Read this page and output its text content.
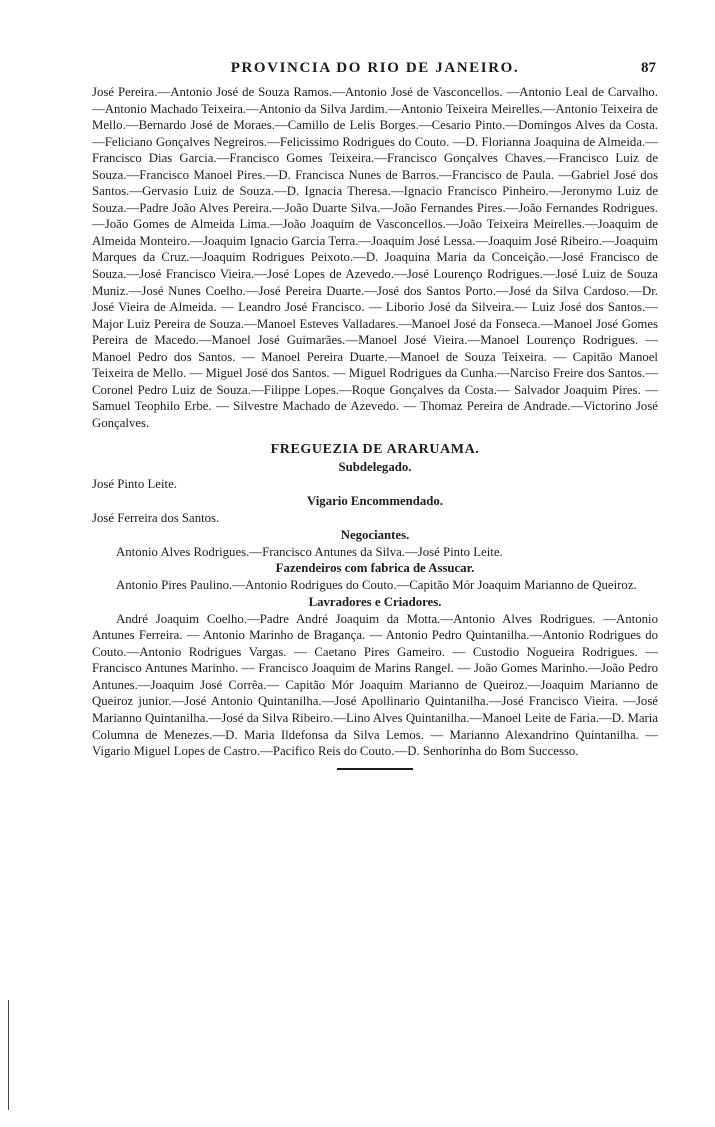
PROVINCIA DO RIO DE JANEIRO.	87

José Pereira.—Antonio José de Souza Ramos.—Antonio José de Vasconcellos. —Antonio Leal de Carvalho.—Antonio Machado Teixeira.—Antonio da Silva Jardim.—Antonio Teixeira Meirelles.—Antonio Teixeira de Mello.—Bernardo José de Moraes.—Camillo de Lelis Borges.—Cesario Pinto.—Domingos Alves da Costa.—Feliciano Gonçalves Negreiros.—Felicissimo Rodrigues do Couto. —D. Florianna Joaquina de Almeida.—Francisco Dias Garcia.—Francisco Gomes Teixeira.—Francisco Gonçalves Chaves.—Francisco Luiz de Souza.—Francisco Manoel Pires.—D. Francisca Nunes de Barros.—Francisco de Paula. —Gabriel José dos Santos.—Gervasio Luiz de Souza.—D. Ignacia Theresa.—Ignacio Francisco Pinheiro.—Jeronymo Luiz de Souza.—Padre João Alves Pereira.—João Duarte Silva.—João Fernandes Pires.—João Fernandes Rodrigues.—João Gomes de Almeida Lima.—João Joaquim de Vasconcellos.—João Teixeira Meirelles.—Joaquim de Almeida Monteiro.—Joaquim Ignacio Garcia Terra.—Joaquim José Lessa.—Joaquim José Ribeiro.—Joaquim Marques da Cruz.—Joaquim Rodrigues Peixoto.—D. Joaquina Maria da Conceição.—José Francisco de Souza.—José Francisco Vieira.—José Lopes de Azevedo.—José Lourenço Rodrigues.—José Luiz de Souza Muniz.—José Nunes Coelho.—José Pereira Duarte.—José dos Santos Porto.—José da Silva Cardoso.—Dr. José Vieira de Almeida. — Leandro José Francisco. — Liborio José da Silveira.— Luiz José dos Santos.—Major Luiz Pereira de Souza.—Manoel Esteves Valladares.—Manoel José da Fonseca.—Manoel José Gomes Pereira de Macedo.—Manoel José Guimarães.—Manoel José Vieira.—Manoel Lourenço Rodrigues. —Manoel Pedro dos Santos. — Manoel Pereira Duarte.—Manoel de Souza Teixeira. — Capitão Manoel Teixeira de Mello. — Miguel José dos Santos. — Miguel Rodrigues da Cunha.—Narciso Freire dos Santos.—Coronel Pedro Luiz de Souza.—Filippe Lopes.—Roque Gonçalves da Costa.— Salvador Joaquim Pires. — Samuel Teophilo Erbe. — Silvestre Machado de Azevedo. — Thomaz Pereira de Andrade.—Victorino José Gonçalves.

FREGUEZIA DE ARARUAMA.
Subdelegado.

José Pinto Leite.

Vigario Encommendado.

José Ferreira dos Santos.

Negociantes.

Antonio Alves Rodrigues.—Francisco Antunes da Silva.—José Pinto Leite.

Fazendeiros com fabrica de Assucar.

Antonio Pires Paulino.—Antonio Rodrigues do Couto.—Capitão Mór Joaquim Marianno de Queiroz.

Lavradores e Criadores.

André Joaquim Coelho.—Padre André Joaquim da Motta.—Antonio Alves Rodrigues. —Antonio Antunes Ferreira. — Antonio Marinho de Bragança. — Antonio Pedro Quintanilha.—Antonio Rodrigues do Couto.—Antonio Rodrigues Vargas. — Caetano Pires Gameiro. — Custodio Nogueira Rodrigues. — Francisco Antunes Marinho. — Francisco Joaquim de Marins Rangel. — João Gomes Marinho.—João Pedro Antunes.—Joaquim José Corrêa.— Capitão Mór Joaquim Marianno de Queiroz.—Joaquim Marianno de Queiroz junior.—José Antonio Quintanilha.—José Apollinario Quintanilha.—José Francisco Vieira. —José Marianno Quintanilha.—José da Silva Ribeiro.—Lino Alves Quintanilha.—Manoel Leite de Faria.—D. Maria Columna de Menezes.—D. Maria Ildefonsa da Silva Lemos. — Marianno Alexandrino Quintanilha. — Vigario Miguel Lopes de Castro.—Pacifico Reis do Couto.—D. Senhorinha do Bom Successo.
